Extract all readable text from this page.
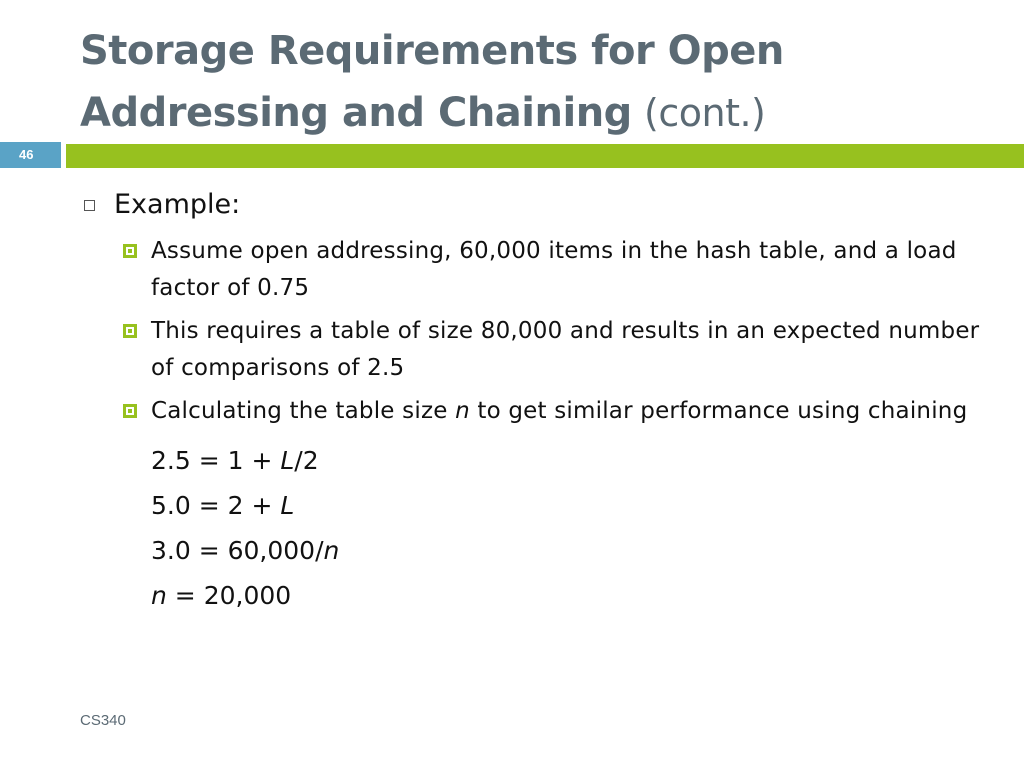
Storage Requirements for Open Addressing and Chaining (cont.)
46
Example:
Assume open addressing, 60,000 items in the hash table, and a load factor of 0.75
This requires a table of size 80,000 and results in an expected number of comparisons of 2.5
Calculating the table size n to get similar performance using chaining
2.5 = 1 + L/2
5.0 = 2 + L
3.0 = 60,000/n
n = 20,000
CS340
